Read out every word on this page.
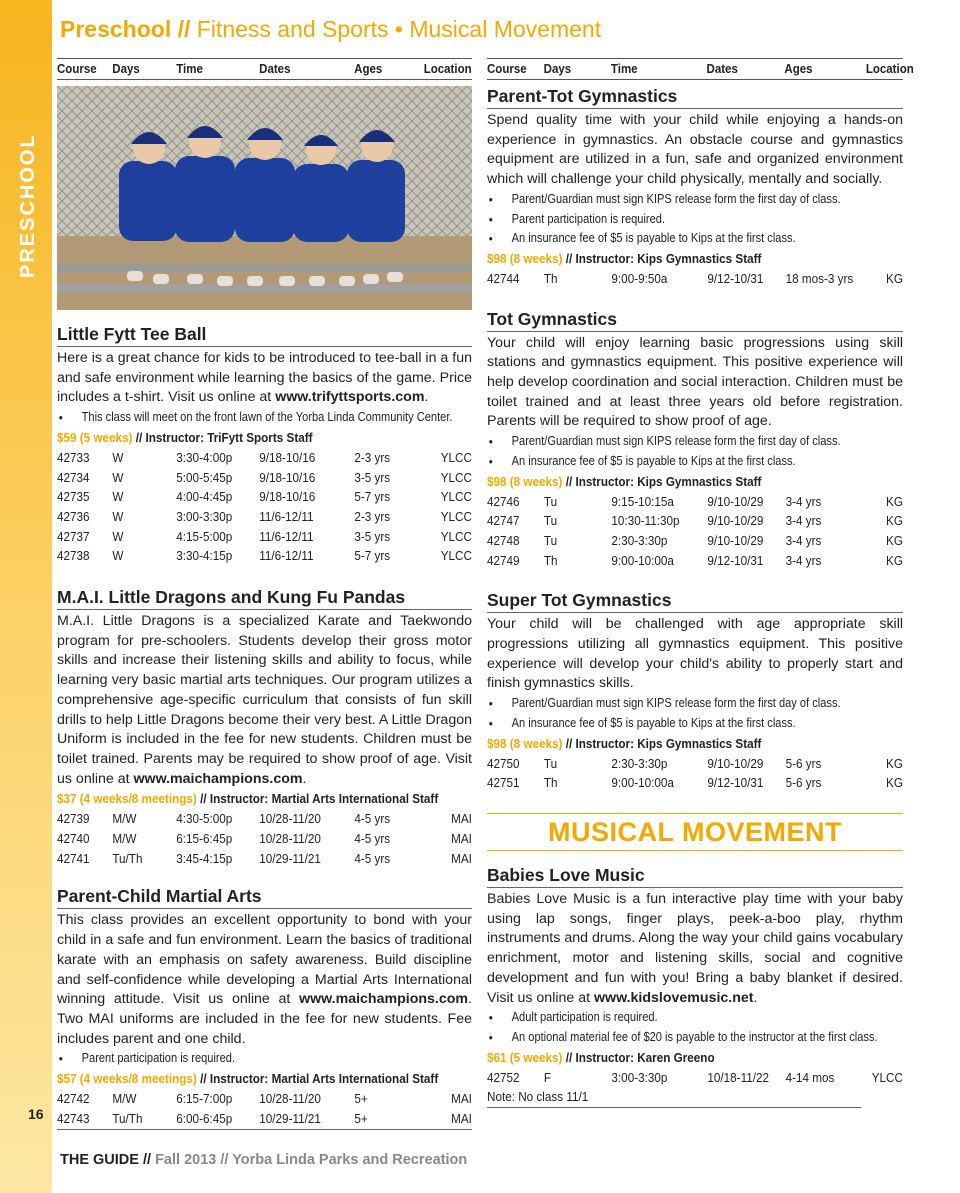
PRESCHOOL
16
Preschool // Fitness and Sports • Musical Movement
Course	Days	Time	Dates	Ages	Location
Little Fytt Tee Ball

Here is a great chance for kids to be introduced to tee-ball in a fun and safe environment while learning the basics of the game. Price includes a t-shirt. Visit us online at www.trifyttsports.com.

• This class will meet on the front lawn of the Yorba Linda Community Center.
$59 (5 weeks) // Instructor: TriFytt Sports Staff
42733	W	3:30-4:00p	9/18-10/16	2-3 yrs	YLCC
42734	W	5:00-5:45p	9/18-10/16	3-5 yrs	YLCC
42735	W	4:00-4:45p	9/18-10/16	5-7 yrs	YLCC
42736	W	3:00-3:30p	11/6-12/11	2-3 yrs	YLCC
42737	W	4:15-5:00p	11/6-12/11	3-5 yrs	YLCC
42738	W	3:30-4:15p	11/6-12/11	5-7 yrs	YLCC
M.A.I. Little Dragons and Kung Fu Pandas

M.A.I. Little Dragons is a specialized Karate and Taekwondo program for pre-schoolers. Students develop their gross motor skills and increase their listening skills and ability to focus, while learning very basic martial arts techniques. Our program utilizes a comprehensive age-specific curriculum that consists of fun skill drills to help Little Dragons become their very best. A Little Dragon Uniform is included in the fee for new students. Children must be toilet trained. Parents may be required to show proof of age. Visit us online at www.maichampions.com.

$37 (4 weeks/8 meetings) // Instructor: Martial Arts International Staff
42739	M/W	4:30-5:00p	10/28-11/20	4-5 yrs	MAI
42740	M/W	6:15-6:45p	10/28-11/20	4-5 yrs	MAI
42741	Tu/Th	3:45-4:15p	10/29-11/21	4-5 yrs	MAI
Parent-Child Martial Arts

This class provides an excellent opportunity to bond with your child in a safe and fun environment. Learn the basics of traditional karate with an emphasis on safety awareness. Build discipline and self-confidence while developing a Martial Arts International winning attitude. Visit us online at www.maichampions.com. Two MAI uniforms are included in the fee for new students. Fee includes parent and one child.

• Parent participation is required.
$57 (4 weeks/8 meetings) // Instructor: Martial Arts International Staff
42742	M/W	6:15-7:00p	10/28-11/20	5+	MAI
42743	Tu/Th	6:00-6:45p	10/29-11/21	5+	MAI
Course	Days	Time	Dates	Ages	Location
Parent-Tot Gymnastics

Spend quality time with your child while enjoying a hands-on experience in gymnastics. An obstacle course and gymnastics equipment are utilized in a fun, safe and organized environment which will challenge your child physically, mentally and socially.

• Parent/Guardian must sign KIPS release form the first day of class.
• Parent participation is required.
• An insurance fee of $5 is payable to Kips at the first class.
$98 (8 weeks) // Instructor: Kips Gymnastics Staff
42744	Th	9:00-9:50a	9/12-10/31	18 mos-3 yrs	KG
Tot Gymnastics

Your child will enjoy learning basic progressions using skill stations and gymnastics equipment. This positive experience will help develop coordination and social interaction. Children must be toilet trained and at least three years old before registration. Parents will be required to show proof of age.

• Parent/Guardian must sign KIPS release form the first day of class.
• An insurance fee of $5 is payable to Kips at the first class.
$98 (8 weeks) // Instructor: Kips Gymnastics Staff
42746	Tu	9:15-10:15a	9/10-10/29	3-4 yrs	KG
42747	Tu	10:30-11:30p	9/10-10/29	3-4 yrs	KG
42748	Tu	2:30-3:30p	9/10-10/29	3-4 yrs	KG
42749	Th	9:00-10:00a	9/12-10/31	3-4 yrs	KG
Super Tot Gymnastics

Your child will be challenged with age appropriate skill progressions utilizing all gymnastics equipment. This positive experience will develop your child's ability to properly start and finish gymnastics skills.

• Parent/Guardian must sign KIPS release form the first day of class.
• An insurance fee of $5 is payable to Kips at the first class.
$98 (8 weeks) // Instructor: Kips Gymnastics Staff
42750	Tu	2:30-3:30p	9/10-10/29	5-6 yrs	KG
42751	Th	9:00-10:00a	9/12-10/31	5-6 yrs	KG
MUSICAL MOVEMENT
Babies Love Music

Babies Love Music is a fun interactive play time with your baby using lap songs, finger plays, peek-a-boo play, rhythm instruments and drums. Along the way your child gains vocabulary enrichment, motor and listening skills, social and cognitive development and fun with you! Bring a baby blanket if desired. Visit us online at www.kidslovemusic.net.

• Adult participation is required.
• An optional material fee of $20 is payable to the instructor at the first class.
$61 (5 weeks) // Instructor: Karen Greeno
42752	F	3:00-3:30p	10/18-11/22	4-14 mos	YLCC
Note: No class 11/1
THE GUIDE // Fall 2013 // Yorba Linda Parks and Recreation
